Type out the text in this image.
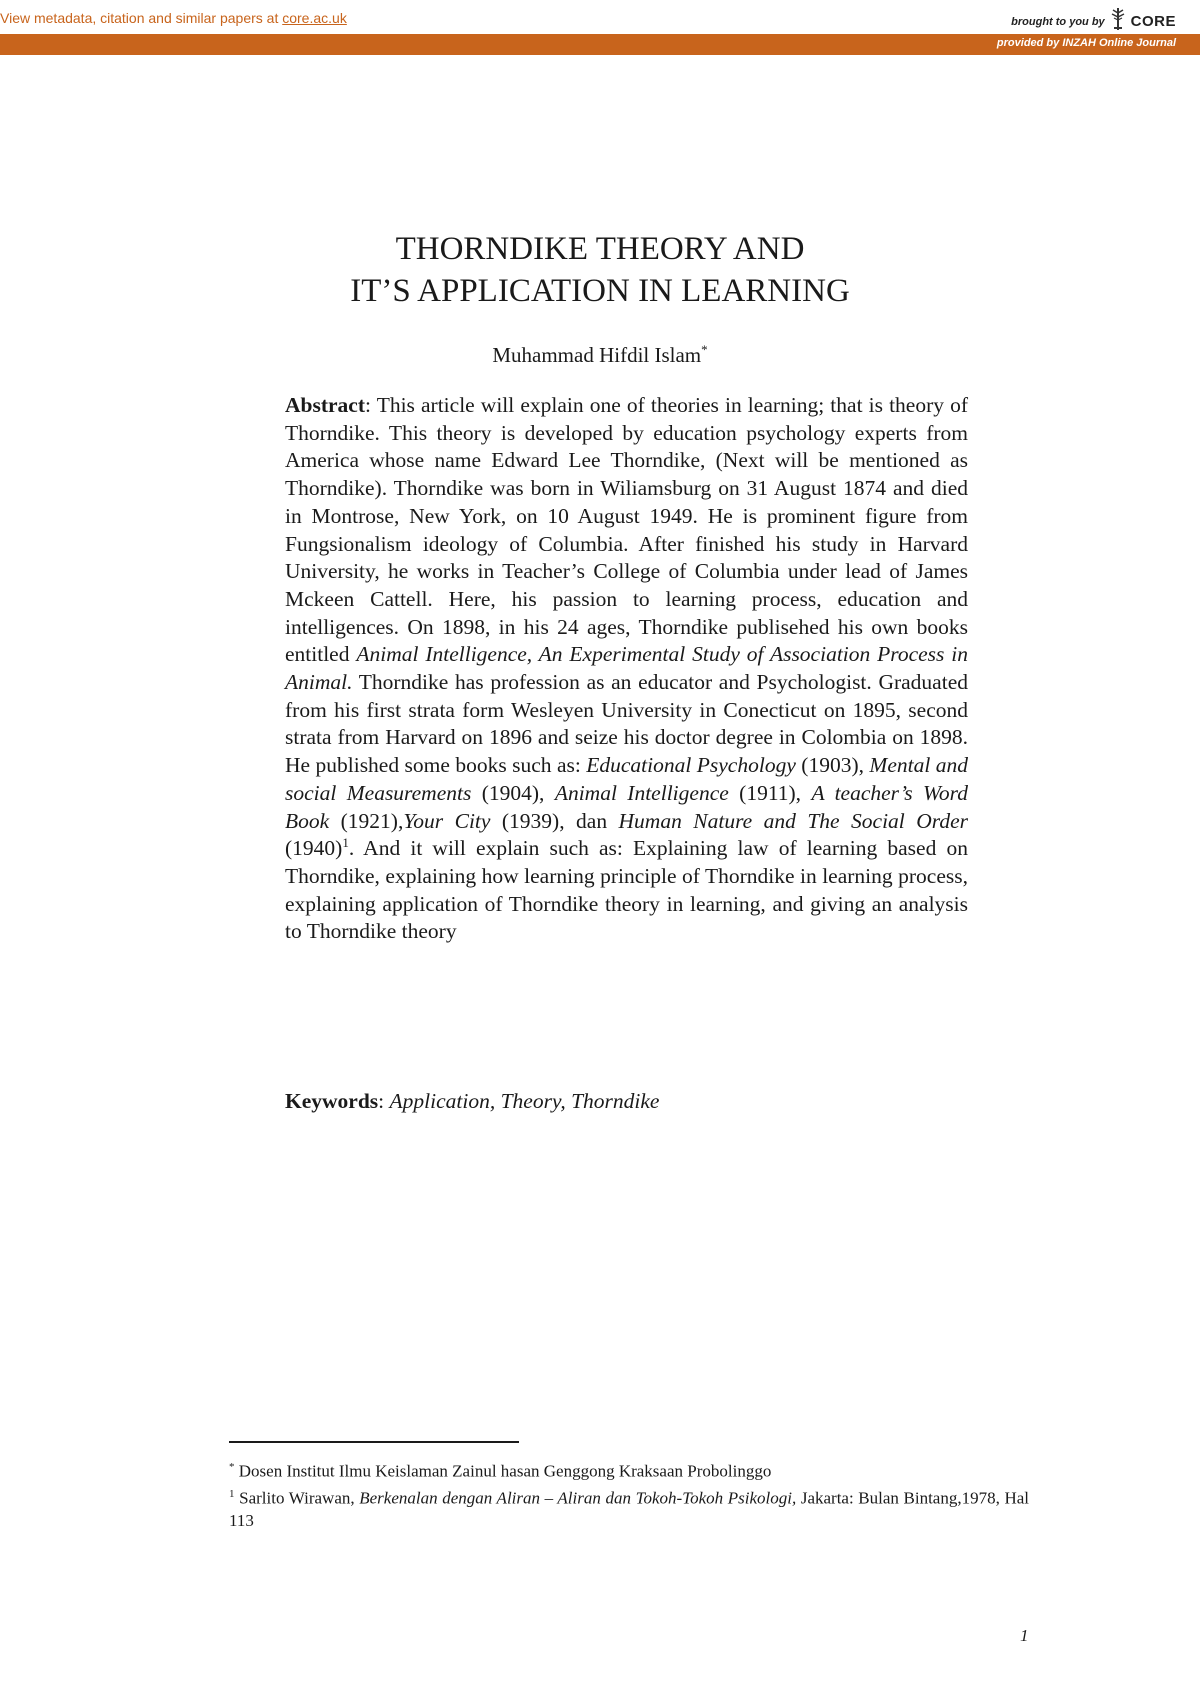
View metadata, citation and similar papers at core.ac.uk	brought to you by CORE
provided by INZAH Online Journal
THORNDIKE THEORY AND
IT’S APPLICATION IN LEARNING
Muhammad Hifdil Islam*
Abstract: This article will explain one of theories in learning; that is theory of Thorndike. This theory is developed by education psychology experts from America whose name Edward Lee Thorndike, (Next will be mentioned as Thorndike). Thorndike was born in Wiliamsburg on 31 August 1874 and died in Montrose, New York, on 10 August 1949. He is prominent figure from Fungsionalism ideology of Columbia. After finished his study in Harvard University, he works in Teacher’s College of Columbia under lead of James Mckeen Cattell. Here, his passion to learning process, education and intelligences. On 1898, in his 24 ages, Thorndike publisehed his own books entitled Animal Intelligence, An Experimental Study of Association Process in Animal. Thorndike has profession as an educator and Psychologist. Graduated from his first strata form Wesleyen University in Conecticut on 1895, second strata from Harvard on 1896 and seize his doctor degree in Colombia on 1898. He published some books such as: Educational Psychology (1903), Mental and social Measurements (1904), Animal Intelligence (1911), A teacher’s Word Book (1921),Your City (1939), dan Human Nature and The Social Order $(1940)^1$. And it will explain such as: Explaining law of learning based on Thorndike, explaining how learning principle of Thorndike in learning process, explaining application of Thorndike theory in learning, and giving an analysis to Thorndike theory
Keywords: Application, Theory, Thorndike
* Dosen Institut Ilmu Keislaman Zainul hasan Genggong Kraksaan Probolinggo
$^1$ Sarlito Wirawan, Berkenalan dengan Aliran – Aliran dan Tokoh-Tokoh Psikologi, Jakarta: Bulan Bintang,1978, Hal 113
1
